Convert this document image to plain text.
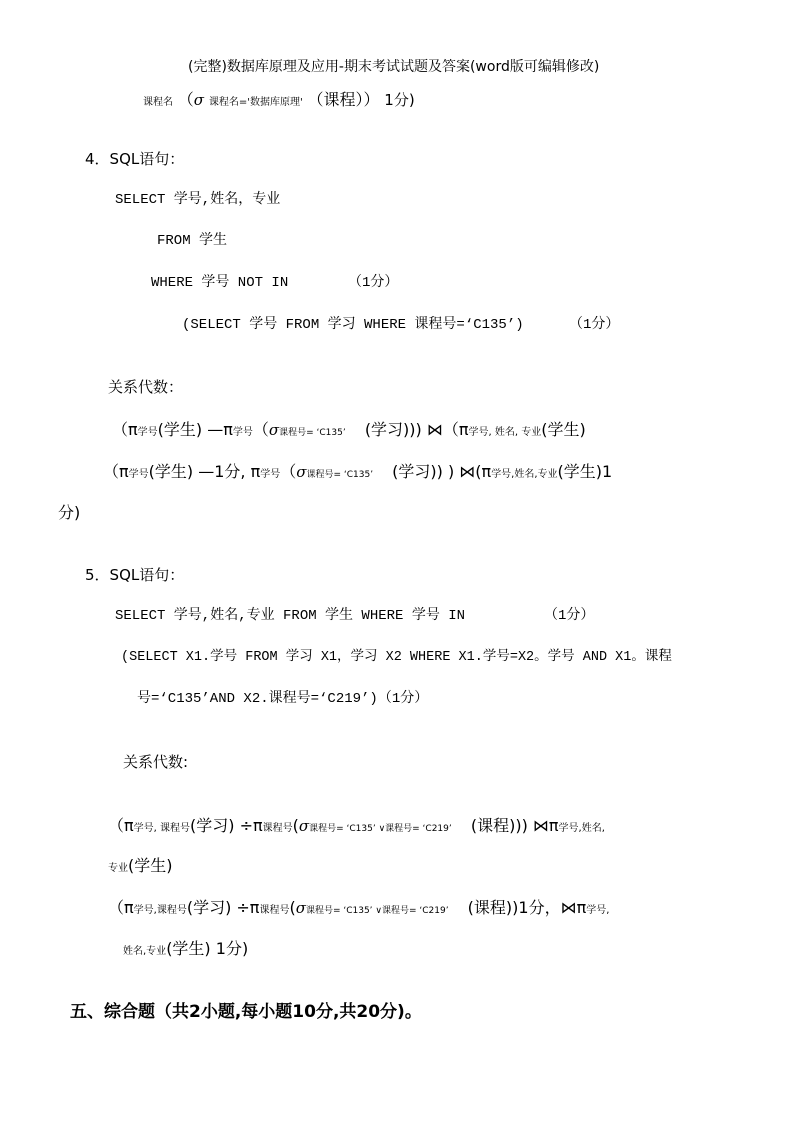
(完整)数据库原理及应用-期末考试试题及答案(word版可编辑修改)
课程名 （σ 课程名='数据库原理' （课程）） 1分)
4．SQL语句：
SELECT 学号,姓名，专业
FROM 学生
WHERE 学号 NOT IN	（1分）
(SELECT 学号 FROM 学习 WHERE 课程号=‘C135’)	（1分）
关系代数：
（π学号(学生) —π学号（σ课程号= ‘C135’ (学习))) ⋈（π学号, 姓名, 专业(学生)
（π学号(学生) —1分, π学号（σ课程号= ‘C135’ (学习)) ) ⋈(π学号,姓名,专业(学生)1
分)
5．SQL语句：
SELECT 学号,姓名,专业 FROM 学生 WHERE 学号 IN	（1分）
(SELECT X1.学号 FROM 学习 X1，学习 X2 WHERE X1.学号=X2。学号 AND X1。课程
号=‘C135’AND X2.课程号=‘C219’)（1分）
关系代数:
（π学号, 课程号(学习) ÷π课程号(σ课程号= ‘C135’ ∨课程号= ‘C219’ (课程))) ⋈π学号,姓名,
专业(学生)
（π学号,课程号(学习) ÷π课程号(σ课程号= ‘C135’ ∨课程号= ‘C219’ (课程))1分，⋈π学号,
姓名,专业(学生) 1分)
五、综合题（共2小题,每小题10分,共20分)。
